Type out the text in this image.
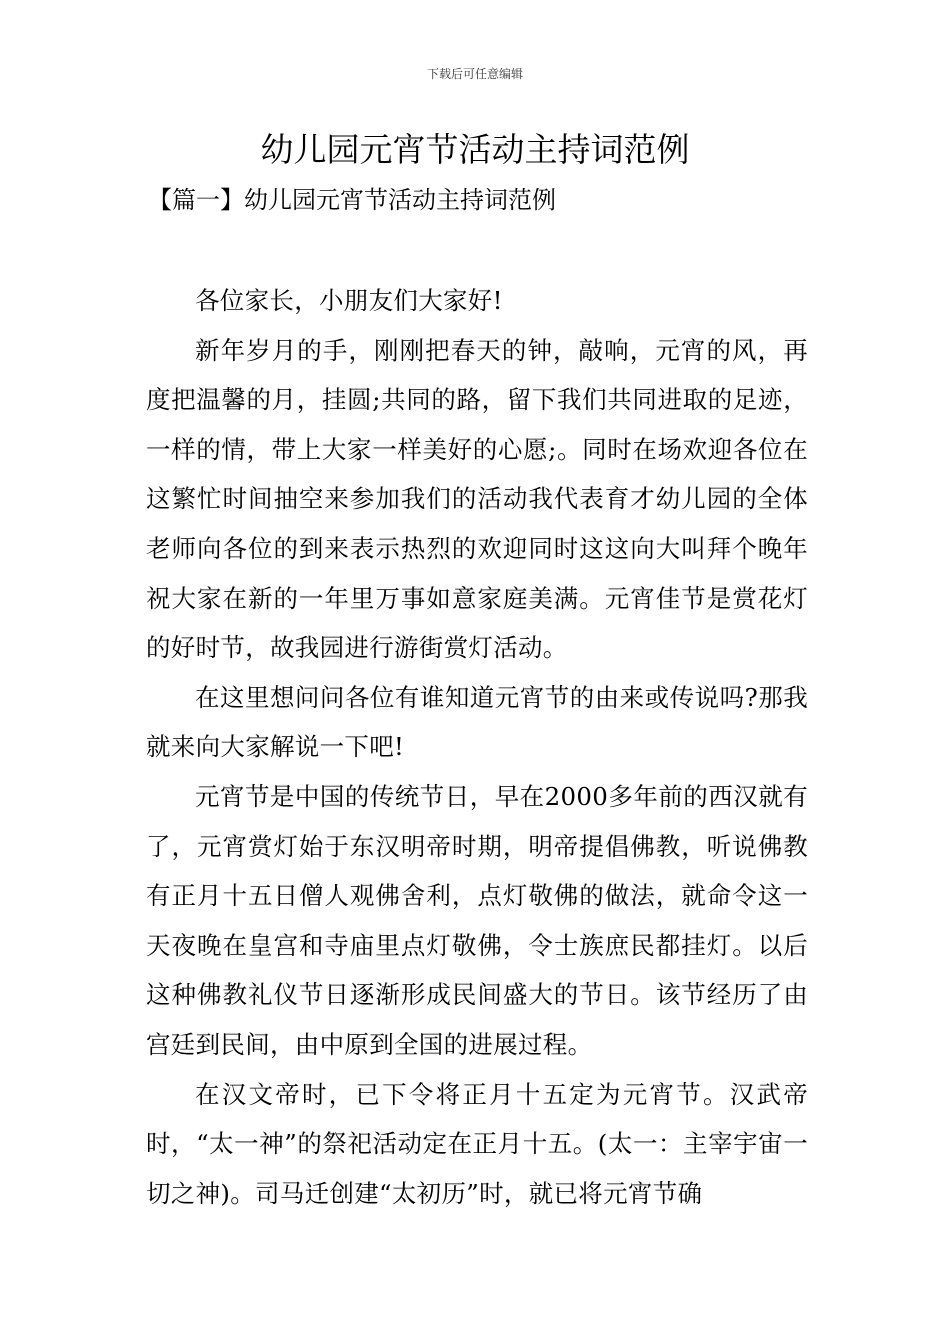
下载后可任意编辑
幼儿园元宵节活动主持词范例
【篇一】幼儿园元宵节活动主持词范例

各位家长，小朋友们大家好!

新年岁月的手，刚刚把春天的钟，敲响，元宵的风，再度把温馨的月，挂圆;共同的路，留下我们共同进取的足迹，一样的情，带上大家一样美好的心愿;。同时在场欢迎各位在这繁忙时间抽空来参加我们的活动我代表育才幼儿园的全体老师向各位的到来表示热烈的欢迎同时这这向大叫拜个晚年祝大家在新的一年里万事如意家庭美满。元宵佳节是赏花灯的好时节，故我园进行游街赏灯活动。

在这里想问问各位有谁知道元宵节的由来或传说吗?那我就来向大家解说一下吧!

元宵节是中国的传统节日，早在2000多年前的西汉就有了，元宵赏灯始于东汉明帝时期，明帝提倡佛教，听说佛教有正月十五日僧人观佛舍利，点灯敬佛的做法，就命令这一天夜晚在皇宫和寺庙里点灯敬佛，令士族庶民都挂灯。以后这种佛教礼仪节日逐渐形成民间盛大的节日。该节经历了由宫廷到民间，由中原到全国的进展过程。

在汉文帝时，已下令将正月十五定为元宵节。汉武帝时，“太一神”的祭祀活动定在正月十五。(太一：主宰宇宙一切之神)。司马迁创建“太初历”时，就已将元宵节确
